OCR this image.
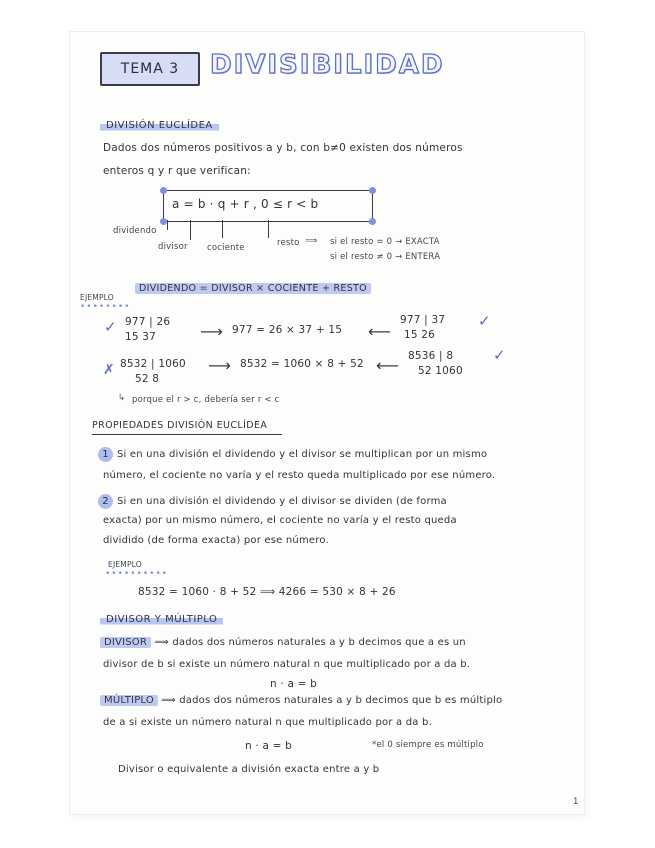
TEMA 3	DIVISIBILIDAD
DIVISIÓN EUCLÍDEA
Dados dos números positivos a y b, con b≠0 existen dos números
enteros q y r que verifican:
a = b · q + r , 0 ≤ r < b
dividendo
divisor cociente	resto ⟹ si el resto = 0 → EXACTA
si el resto ≠ 0 → ENTERA
DIVIDENDO = DIVISOR × COCIENTE + RESTO
EJEMPLO
••••••••
✓ 977 | 26
15 37	⟶ 977 = 26 × 37 + 15 ⟵
977 | 37
15 26
✓
✗ 8532 | 1060
52 8
⟶ 8532 = 1060 × 8 + 52 ⟵ 8536 | 8
52 1060
✓
↳ porque el r > c, debería ser r < c
PROPIEDADES DIVISIÓN EUCLÍDEA
1 Si en una división el dividendo y el divisor se multiplican por un mismo
número, el cociente no varía y el resto queda multiplicado por ese número.
2 Si en una división el dividendo y el divisor se dividen (de forma
exacta) por un mismo número, el cociente no varía y el resto queda
dividido (de forma exacta) por ese número.
EJEMPLO
••••••••••
8532 = 1060 · 8 + 52 ⟹ 4266 = 530 × 8 + 26
DIVISOR Y MÚLTIPLO
DIVISOR ⟹ dados dos números naturales a y b decimos que a es un
divisor de b si existe un número natural n que multiplicado por a da b.
n · a = b
MÚLTIPLO ⟹ dados dos números naturales a y b decimos que b es múltiplo
de a si existe un número natural n que multiplicado por a da b.
n · a = b	*el 0 siempre es múltiplo
Divisor o equivalente a división exacta entre a y b
1
